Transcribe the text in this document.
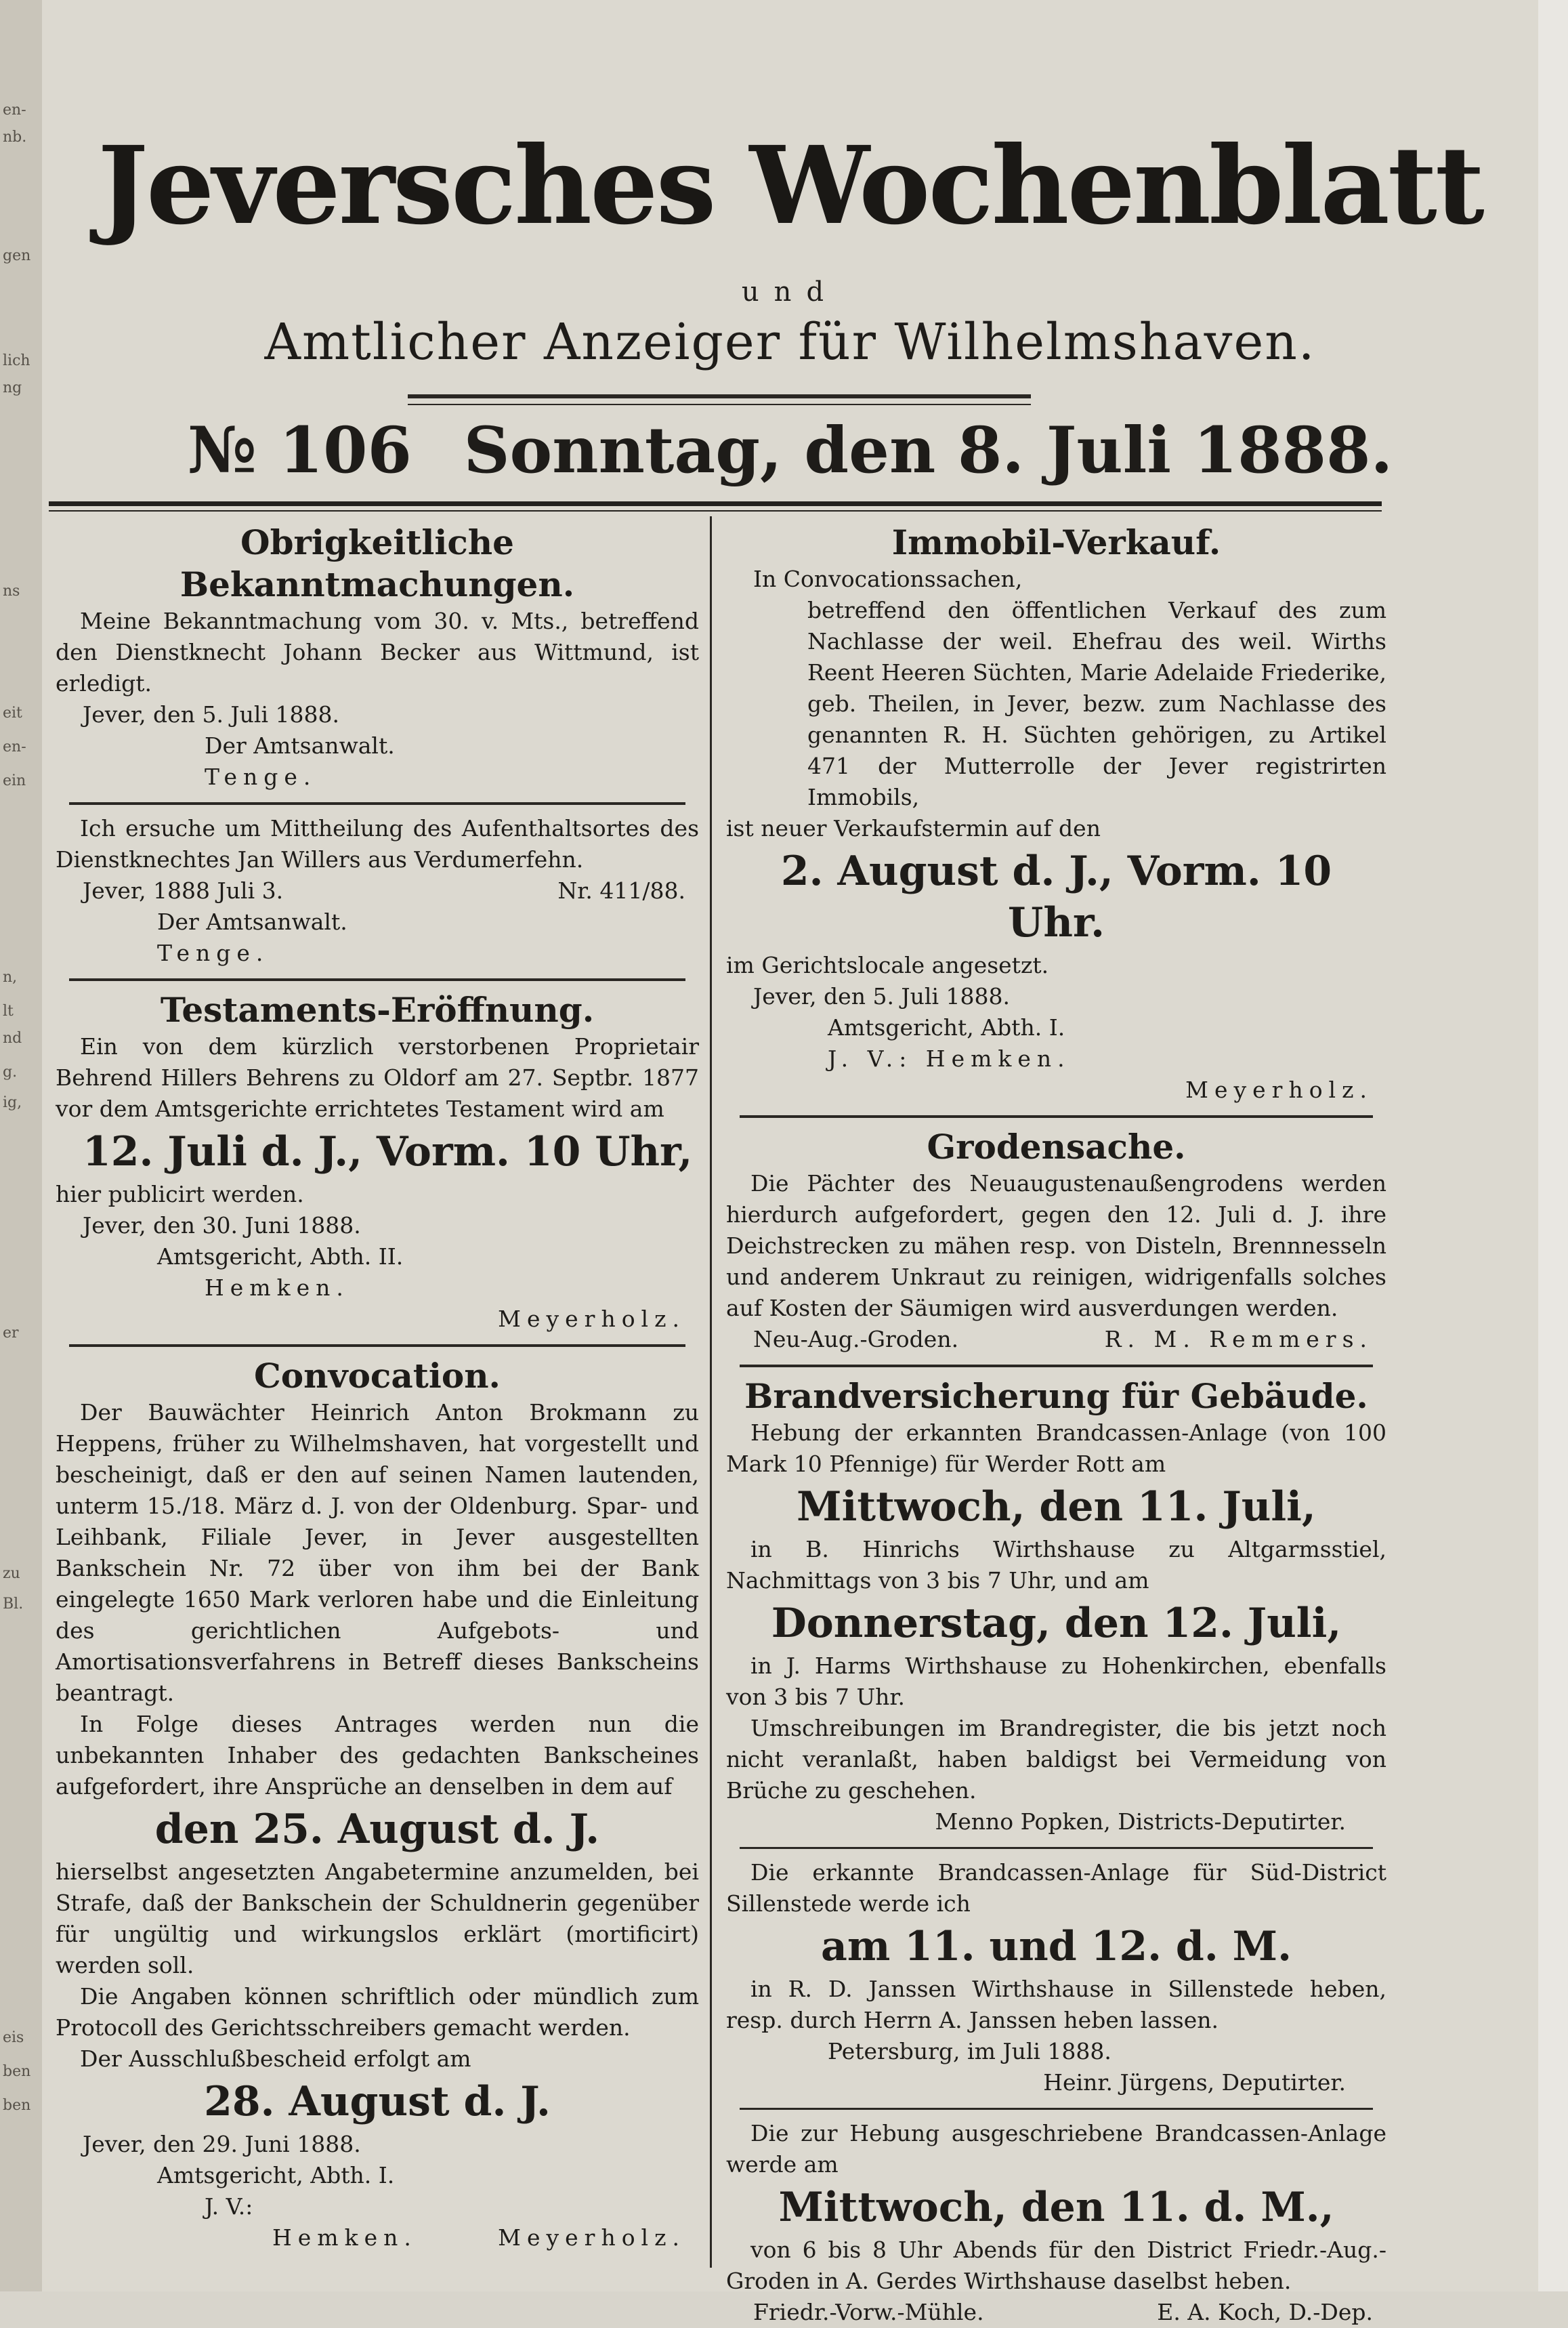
en-
nb.
gen
lich
ng
ns
eit
en-
ein
n,
lt
nd
g.
ig,
er
zu
Bl.
eis
ben
ben
Jeversches Wochenblatt
und
Amtlicher Anzeiger für Wilhelmshaven.
№ 106 Sonntag, den 8. Juli 1888.

Obrigkeitliche Bekanntmachungen.

Meine Bekanntmachung vom 30. v. Mts., betreffend den Dienstknecht Johann Becker aus Wittmund, ist erledigt.

Jever, den 5. Juli 1888.

Der Amtsanwalt.

Tenge.

Ich ersuche um Mittheilung des Aufenthaltsortes des Dienstknechtes Jan Willers aus Verdumerfehn.

Jever, 1888 Juli 3.	Nr. 411/88.

Der Amtsanwalt.

Tenge.

Testaments-Eröffnung.

Ein von dem kürzlich verstorbenen Proprietair Behrend Hillers Behrens zu Oldorf am 27. Septbr. 1877 vor dem Amtsgerichte errichtetes Testament wird am

12. Juli d. J., Vorm. 10 Uhr,

hier publicirt werden.

Jever, den 30. Juni 1888.

Amtsgericht, Abth. II.

Hemken.

Meyerholz.

Convocation.

Der Bauwächter Heinrich Anton Brokmann zu Heppens, früher zu Wilhelmshaven, hat vorgestellt und bescheinigt, daß er den auf seinen Namen lautenden, unterm 15./18. März d. J. von der Oldenburg. Spar- und Leihbank, Filiale Jever, in Jever ausgestellten Bankschein Nr. 72 über von ihm bei der Bank eingelegte 1650 Mark verloren habe und die Einleitung des gerichtlichen Aufgebots- und Amortisationsverfahrens in Betreff dieses Bankscheins beantragt.

In Folge dieses Antrages werden nun die unbekannten Inhaber des gedachten Bankscheines aufgefordert, ihre Ansprüche an denselben in dem auf

den 25. August d. J.

hierselbst angesetzten Angabetermine anzumelden, bei Strafe, daß der Bankschein der Schuldnerin gegenüber für ungültig und wirkungslos erklärt (mortificirt) werden soll.

Die Angaben können schriftlich oder mündlich zum Protocoll des Gerichtsschreibers gemacht werden.

Der Ausschlußbescheid erfolgt am

28. August d. J.

Jever, den 29. Juni 1888.

Amtsgericht, Abth. I.

J. V.:

Hemken.	Meyerholz.

Immobil-Verkauf.

In Convocationssachen,

betreffend den öffentlichen Verkauf des zum Nachlasse der weil. Ehefrau des weil. Wirths Reent Heeren Süchten, Marie Adelaide Friederike, geb. Theilen, in Jever, bezw. zum Nachlasse des genannten R. H. Süchten gehörigen, zu Artikel 471 der Mutterrolle der Jever registrirten Immobils,

ist neuer Verkaufstermin auf den

2. August d. J., Vorm. 10 Uhr.

im Gerichtslocale angesetzt.

Jever, den 5. Juli 1888.

Amtsgericht, Abth. I.

J. V.: Hemken.

Meyerholz.

Grodensache.

Die Pächter des Neuaugustenaußengrodens werden hierdurch aufgefordert, gegen den 12. Juli d. J. ihre Deichstrecken zu mähen resp. von Disteln, Brennnesseln und anderem Unkraut zu reinigen, widrigenfalls solches auf Kosten der Säumigen wird ausverdungen werden.

Neu-Aug.-Groden.	R. M. Remmers.

Brandversicherung für Gebäude.

Hebung der erkannten Brandcassen-Anlage (von 100 Mark 10 Pfennige) für Werder Rott am

Mittwoch, den 11. Juli,

in B. Hinrichs Wirthshause zu Altgarmsstiel, Nachmittags von 3 bis 7 Uhr, und am

Donnerstag, den 12. Juli,

in J. Harms Wirthshause zu Hohenkirchen, ebenfalls von 3 bis 7 Uhr.

Umschreibungen im Brandregister, die bis jetzt noch nicht veranlaßt, haben baldigst bei Vermeidung von Brüche zu geschehen.

Menno Popken, Districts-Deputirter.

Die erkannte Brandcassen-Anlage für Süd-District Sillenstede werde ich

am 11. und 12. d. M.

in R. D. Janssen Wirthshause in Sillenstede heben, resp. durch Herrn A. Janssen heben lassen.

Petersburg, im Juli 1888.

Heinr. Jürgens, Deputirter.

Die zur Hebung ausgeschriebene Brandcassen-Anlage werde am

Mittwoch, den 11. d. M.,

von 6 bis 8 Uhr Abends für den District Friedr.-Aug.-Groden in A. Gerdes Wirthshause daselbst heben.

Friedr.-Vorw.-Mühle.	E. A. Koch, D.-Dep.
